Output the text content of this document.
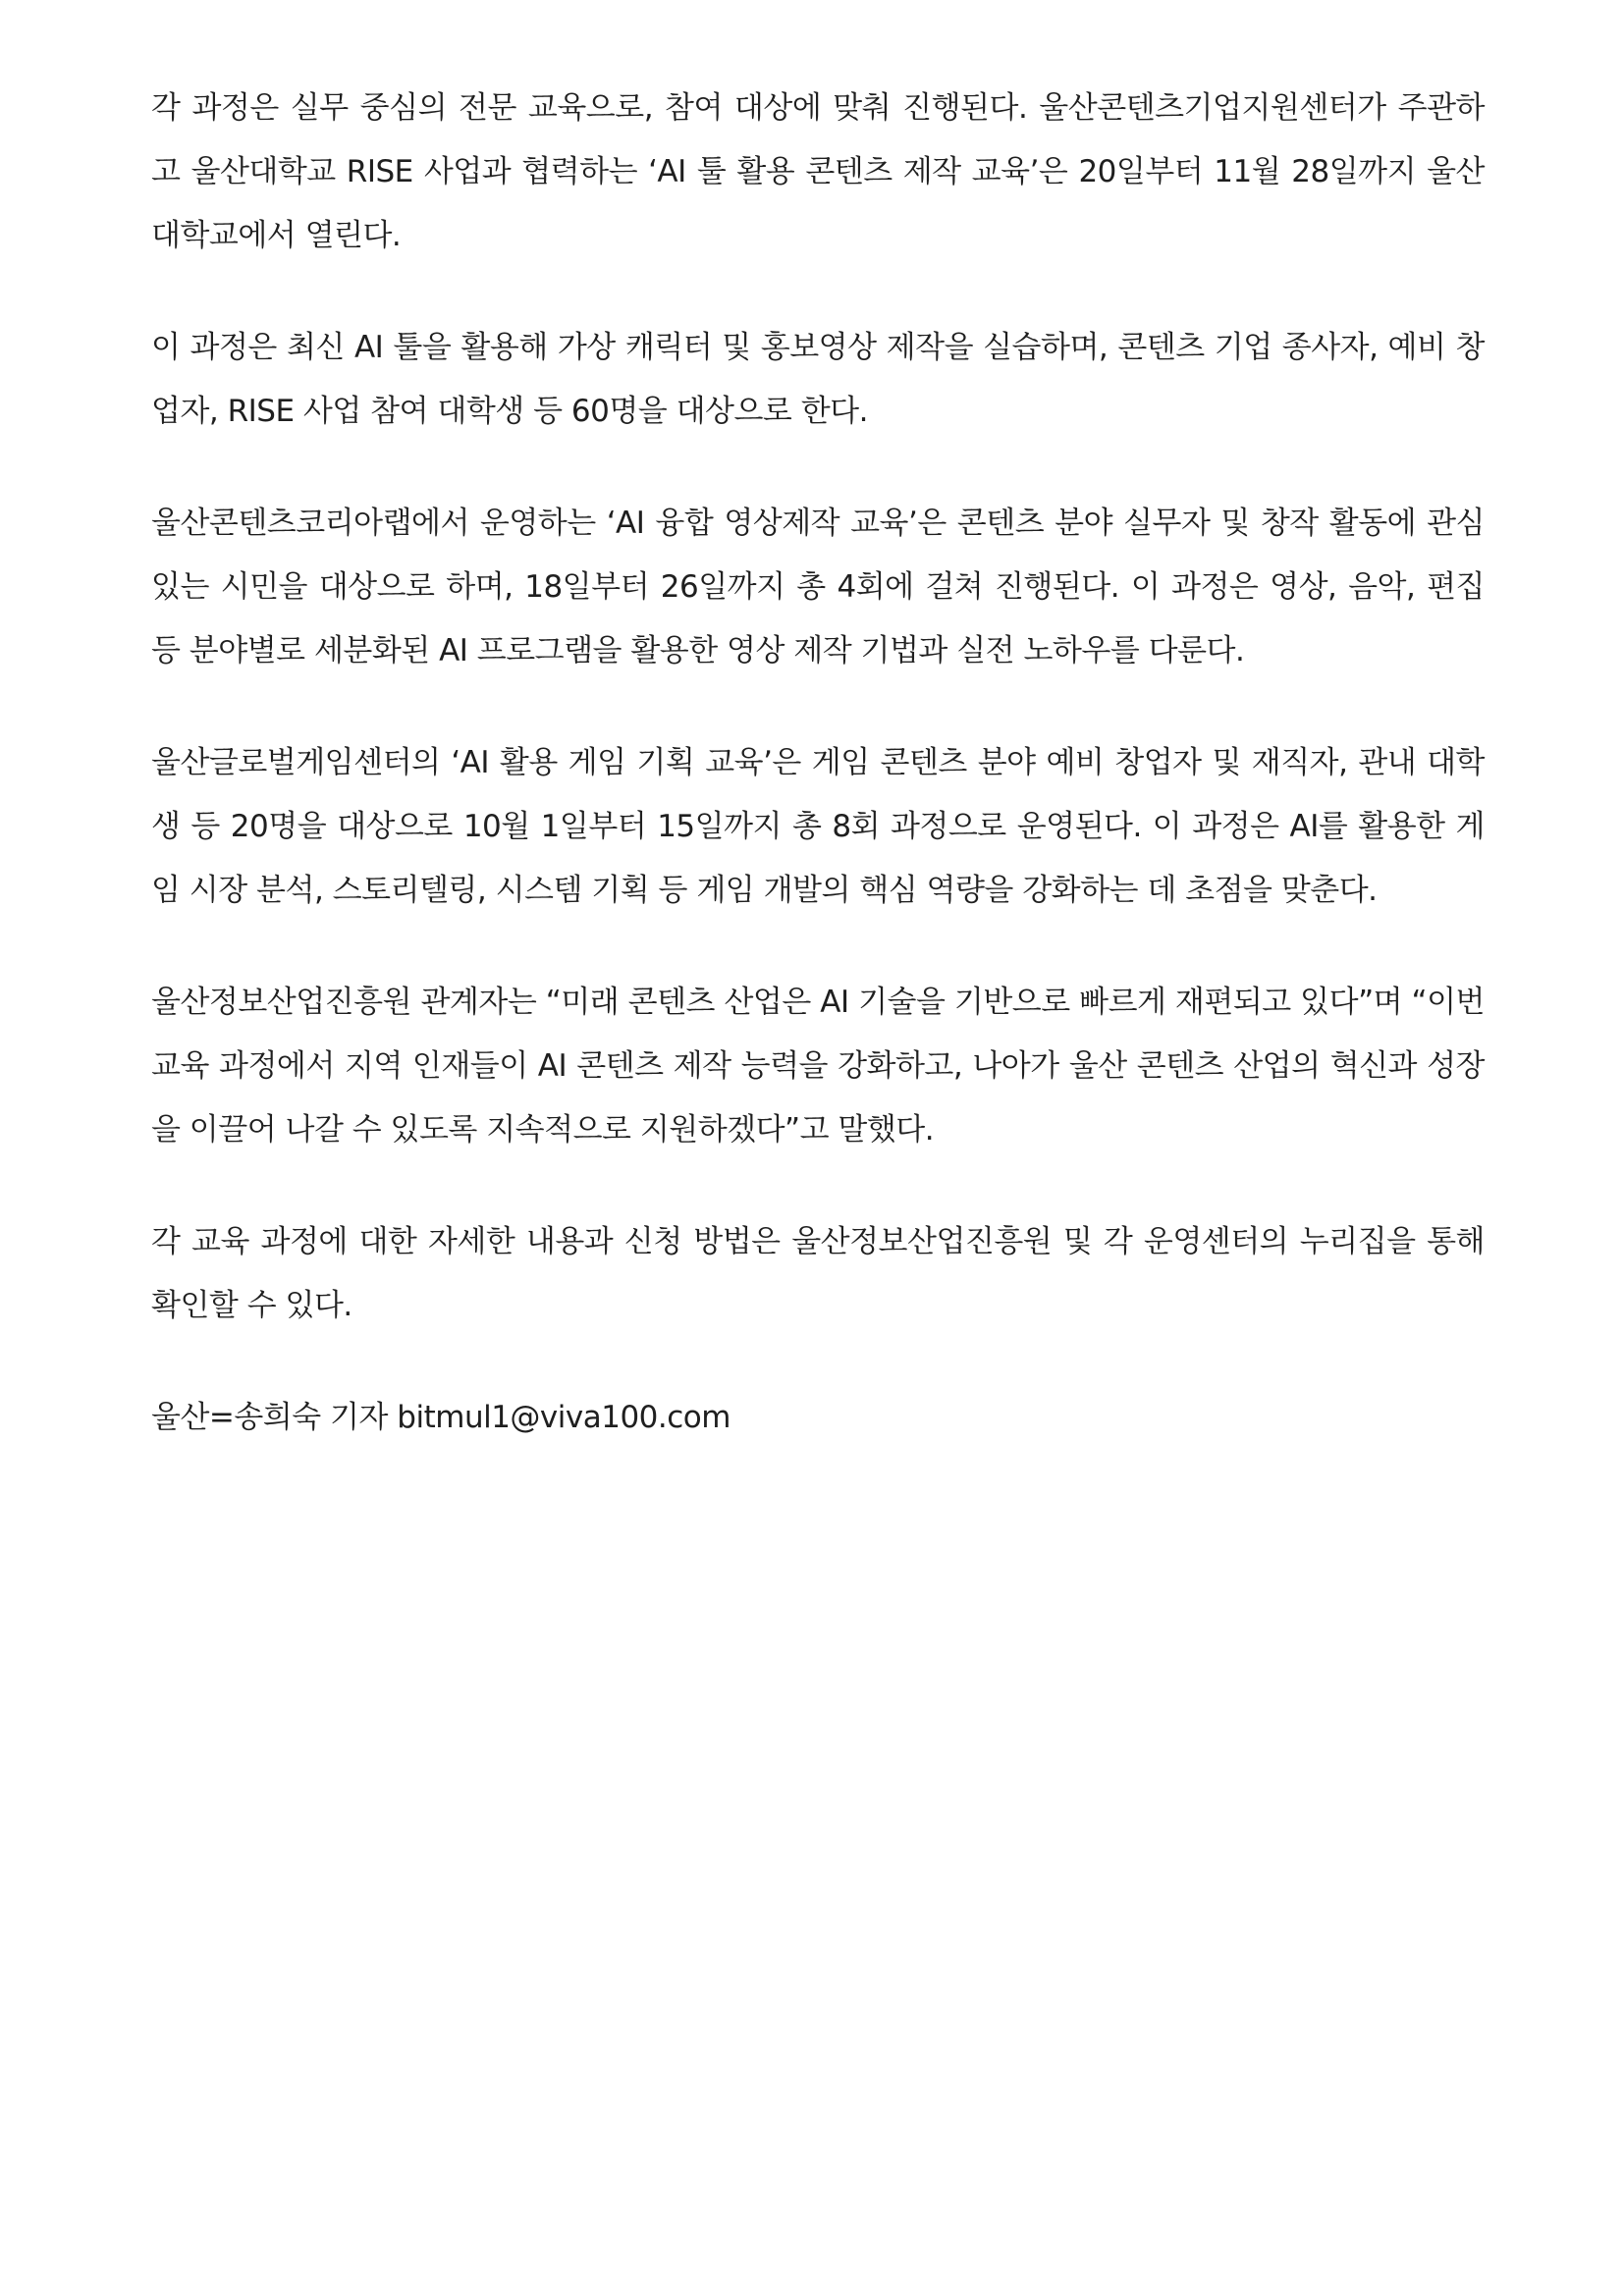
각 과정은 실무 중심의 전문 교육으로, 참여 대상에 맞춰 진행된다. 울산콘텐츠기업지원센터가 주관하고 울산대학교 RISE 사업과 협력하는 ‘AI 툴 활용 콘텐츠 제작 교육’은 20일부터 11월 28일까지 울산대학교에서 열린다.

이 과정은 최신 AI 툴을 활용해 가상 캐릭터 및 홍보영상 제작을 실습하며, 콘텐츠 기업 종사자, 예비 창업자, RISE 사업 참여 대학생 등 60명을 대상으로 한다.

울산콘텐츠코리아랩에서 운영하는 ‘AI 융합 영상제작 교육’은 콘텐츠 분야 실무자 및 창작 활동에 관심 있는 시민을 대상으로 하며, 18일부터 26일까지 총 4회에 걸쳐 진행된다. 이 과정은 영상, 음악, 편집 등 분야별로 세분화된 AI 프로그램을 활용한 영상 제작 기법과 실전 노하우를 다룬다.

울산글로벌게임센터의 ‘AI 활용 게임 기획 교육’은 게임 콘텐츠 분야 예비 창업자 및 재직자, 관내 대학생 등 20명을 대상으로 10월 1일부터 15일까지 총 8회 과정으로 운영된다. 이 과정은 AI를 활용한 게임 시장 분석, 스토리텔링, 시스템 기획 등 게임 개발의 핵심 역량을 강화하는 데 초점을 맞춘다.

울산정보산업진흥원 관계자는 “미래 콘텐츠 산업은 AI 기술을 기반으로 빠르게 재편되고 있다”며 “이번 교육 과정에서 지역 인재들이 AI 콘텐츠 제작 능력을 강화하고, 나아가 울산 콘텐츠 산업의 혁신과 성장을 이끌어 나갈 수 있도록 지속적으로 지원하겠다”고 말했다.

각 교육 과정에 대한 자세한 내용과 신청 방법은 울산정보산업진흥원 및 각 운영센터의 누리집을 통해 확인할 수 있다.

울산=송희숙 기자 bitmul1@viva100.com
